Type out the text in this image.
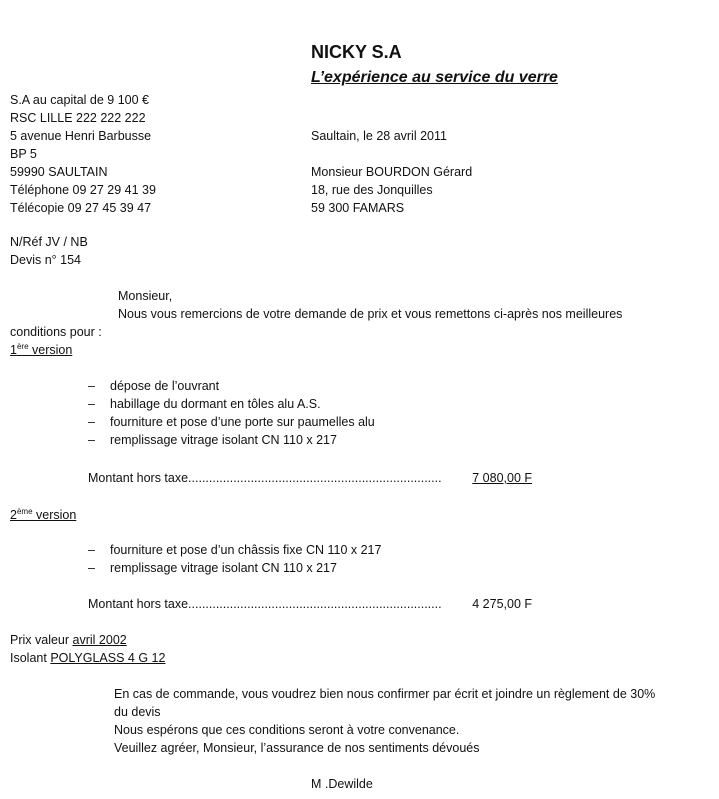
NICKY S.A
L’expérience au service du verre
S.A au capital de 9 100 €
RSC LILLE 222 222 222
5 avenue Henri Barbusse
BP 5
59990 SAULTAIN
Téléphone 09 27 29 41 39
Télécopie 09 27 45 39 47
Saultain, le 28 avril 2011
Monsieur BOURDON Gérard
18, rue des Jonquilles
59 300 FAMARS
N/Réf JV / NB
Devis n° 154
Monsieur,
Nous vous remercions de votre demande de prix et vous remettons ci-après nos meilleures
conditions pour :
1ère version
– dépose de l’ouvrant
– habillage du dormant en tôles alu A.S.
– fourniture et pose d’une porte sur paumelles alu
– remplissage vitrage isolant CN 110 x 217
Montant hors taxe......................................................................... 7 080,00 F
2ème version
– fourniture et pose d’un châssis fixe CN 110 x 217
– remplissage vitrage isolant CN 110 x 217
Montant hors taxe......................................................................... 4 275,00 F
Prix valeur avril 2002
Isolant POLYGLASS 4 G 12
En cas de commande, vous voudrez bien nous confirmer par écrit et joindre un règlement de 30%
du devis
Nous espérons que ces conditions seront à votre convenance.
Veuillez agréer, Monsieur, l’assurance de nos sentiments dévoués
M .Dewilde
